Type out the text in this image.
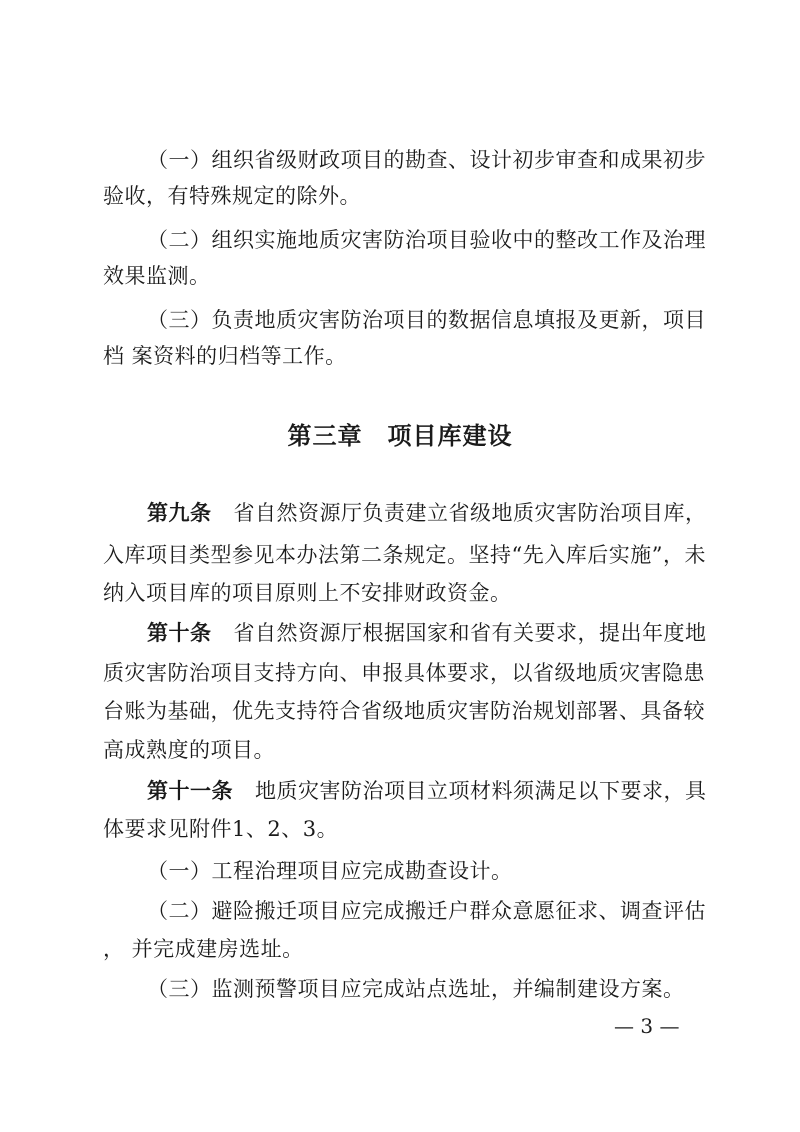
（一）组织省级财政项目的勘查、设计初步审查和成果初步
验收，有特殊规定的除外。
（二）组织实施地质灾害防治项目验收中的整改工作及治理
效果监测。
（三）负责地质灾害防治项目的数据信息填报及更新，项目
档 案资料的归档等工作。
第三章　项目库建设
第九条 省自然资源厅负责建立省级地质灾害防治项目库，
入库项目类型参见本办法第二条规定。坚持“先入库后实施”，未
纳入项目库的项目原则上不安排财政资金。
第十条 省自然资源厅根据国家和省有关要求，提出年度地
质灾害防治项目支持方向、申报具体要求，以省级地质灾害隐患
台账为基础，优先支持符合省级地质灾害防治规划部署、具备较
高成熟度的项目。
第十一条 地质灾害防治项目立项材料须满足以下要求，具
体要求见附件1、2、3。
（一）工程治理项目应完成勘查设计。
（二）避险搬迁项目应完成搬迁户群众意愿征求、调查评估
， 并完成建房选址。
（三）监测预警项目应完成站点选址，并编制建设方案。
— 3 —
